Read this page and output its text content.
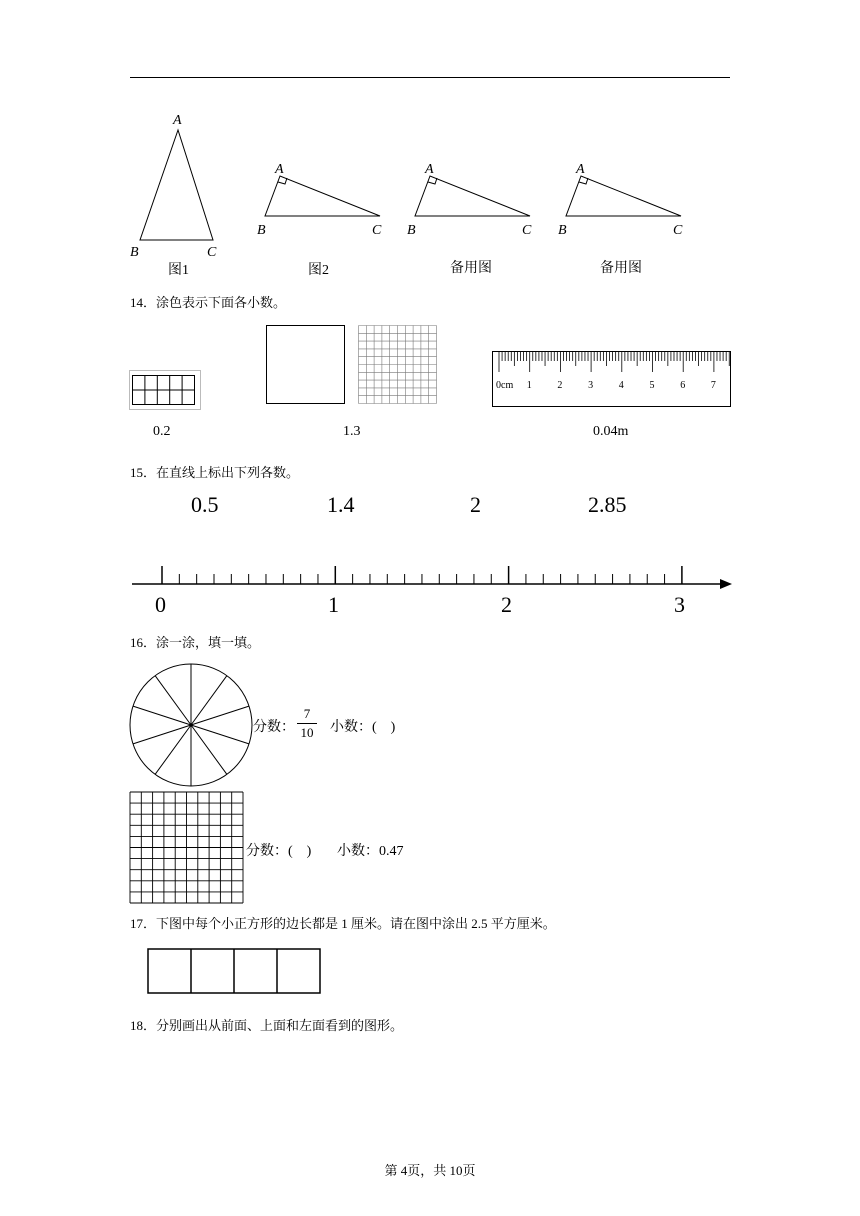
A
B	C
图1
A
B	C
图2
A
B	C
备用图
A
B	C
备用图
14．涂色表示下面各小数。
0.2	1.3
0cm 1	2	3	4	5	6	7
0.04m
15．在直线上标出下列各数。
0.5	1.4	2	2.85
0	1	2	3
16．涂一涂，填一填。
分数：
7
10 小数：(　)
分数：(　) 小数：0.47
17．下图中每个小正方形的边长都是 1 厘米。请在图中涂出 2.5 平方厘米。
18．分别画出从前面、上面和左面看到的图形。
第 4页，共 10页
